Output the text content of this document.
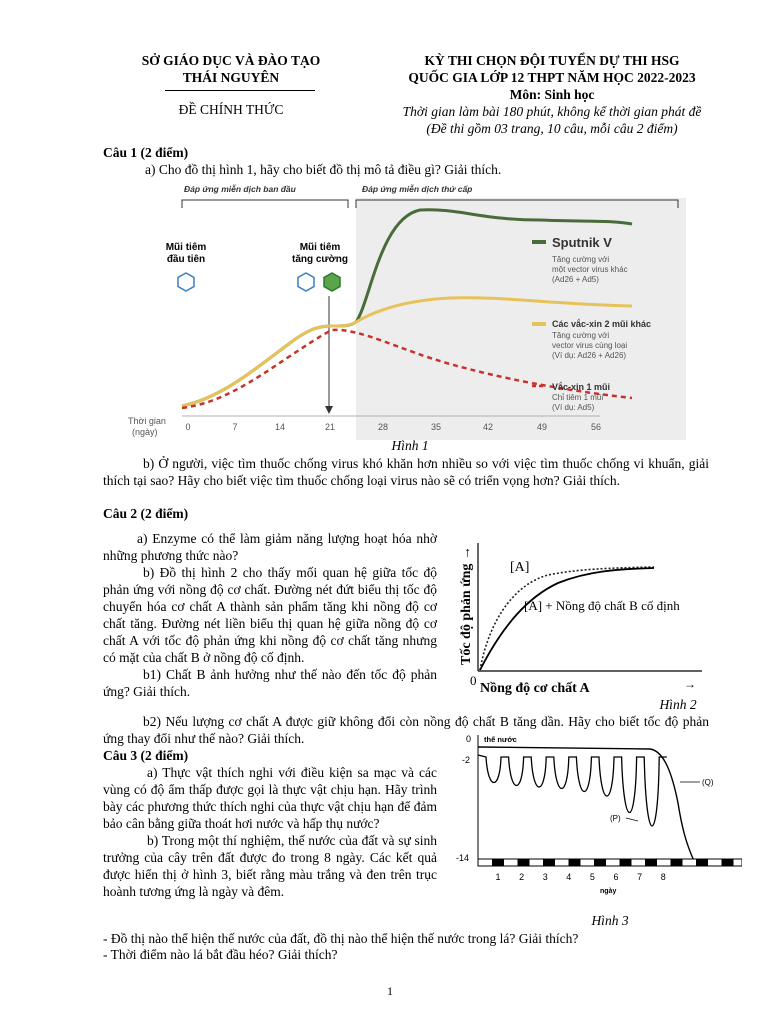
SỞ GIÁO DỤC VÀ ĐÀO TẠO
THÁI NGUYÊN
ĐỀ CHÍNH THỨC
KỲ THI CHỌN ĐỘI TUYỂN DỰ THI HSG
QUỐC GIA LỚP 12 THPT NĂM HỌC 2022-2023
Môn: Sinh học
Thời gian làm bài 180 phút, không kể thời gian phát đề
(Đề thi gồm 03 trang, 10 câu, mỗi câu 2 điểm)
Câu 1 (2 điểm)
a) Cho đồ thị hình 1, hãy cho biết đồ thị mô tả điều gì? Giải thích.
Đáp ứng miễn dịch ban đầu	Đáp ứng miễn dịch thứ cấp
Mũi tiêm
đầu tiên
Mũi tiêm
tăng cường
Thời gian
(ngày)	0	7	14	21	28	35	42	49	56
Sputnik V
Tăng cường với
một vector virus khác
(Ad26 + Ad5)
Các vắc-xin 2 mũi khác
Tăng cường với
vector virus cùng loại
(Ví dụ: Ad26 + Ad26)
Vắc-xin 1 mũi
Chỉ tiêm 1 mũi
(Ví dụ: Ad5)
Hình 1
b) Ở người, việc tìm thuốc chống virus khó khăn hơn nhiều so với việc tìm thuốc chống vi khuẩn, giải thích tại sao? Hãy cho biết việc tìm thuốc chống loại virus nào sẽ có triển vọng hơn? Giải thích.
Câu 2 (2 điểm)
a) Enzyme có thể làm giảm năng lượng hoạt hóa nhờ những phương thức nào?
b) Đồ thị hình 2 cho thấy mối quan hệ giữa tốc độ phản ứng với nồng độ cơ chất. Đường nét đứt biểu thị tốc độ chuyển hóa cơ chất A thành sản phẩm tăng khi nồng độ cơ chất tăng. Đường nét liền biểu thị quan hệ giữa nồng độ cơ chất A với tốc độ phản ứng khi nồng độ cơ chất tăng nhưng có mặt của chất B ở nồng độ cố định.
b1) Chất B ảnh hưởng như thế nào đến tốc độ phản ứng? Giải thích.
0
Tốc độ phản ứng →
Nồng độ cơ chất A	→
[A]
[A] + Nồng độ chất B cố định
Hình 2
b2) Nếu lượng cơ chất A được giữ không đổi còn nồng độ chất B tăng dần. Hãy cho biết tốc độ phản ứng thay đổi như thế nào? Giải thích.
Câu 3 (2 điểm)
a) Thực vật thích nghi với điều kiện sa mạc và các vùng có độ ẩm thấp được gọi là thực vật chịu hạn. Hãy trình bày các phương thức thích nghi của thực vật chịu hạn để đảm bảo cân bằng giữa thoát hơi nước và hấp thụ nước?
b) Trong một thí nghiệm, thế nước của đất và sự sinh trưởng của cây trên đất được đo trong 8 ngày. Các kết quả được hiển thị ở hình 3, biết rằng màu trắng và đen trên trục hoành tương ứng là ngày và đêm.
0 thế nước
-2
-14
(Q)
(P)
1 2 3 4 5 6 7 8
ngày
Hình 3
- Đồ thị nào thể hiện thế nước của đất, đồ thị nào thể hiện thế nước trong lá? Giải thích?
- Thời điểm nào lá bắt đầu héo? Giải thích?
1
